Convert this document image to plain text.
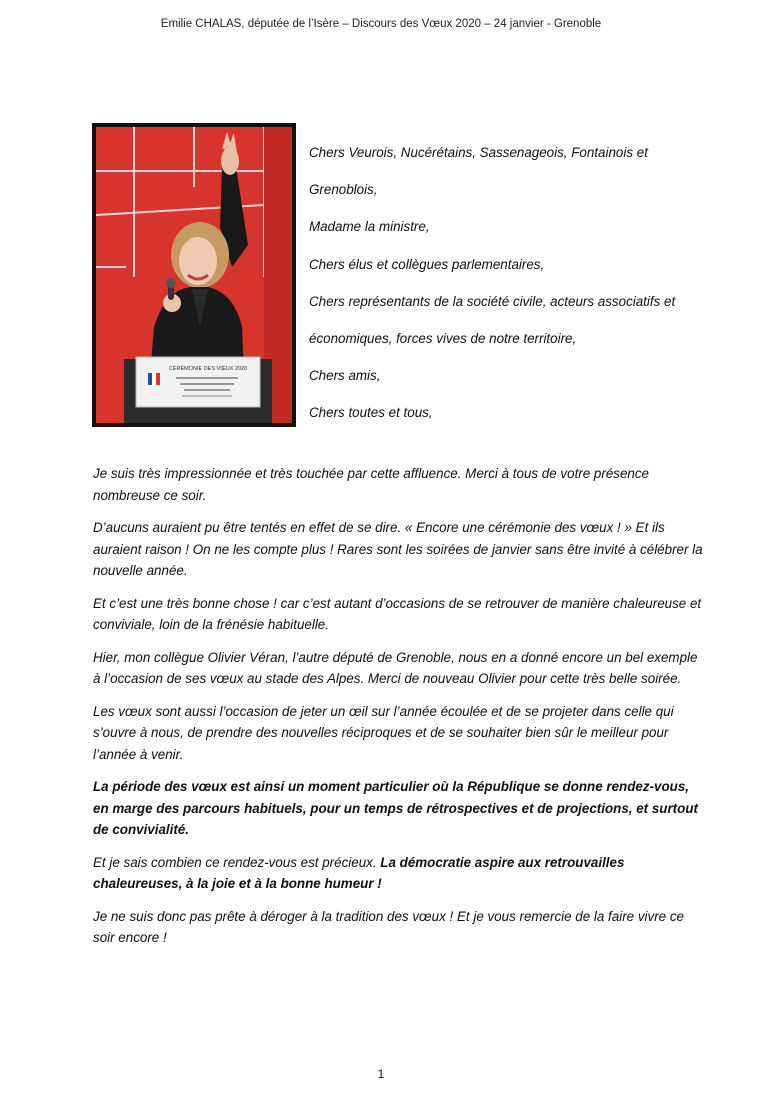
Emilie CHALAS, députée de l’Isère – Discours des Vœux 2020 – 24 janvier - Grenoble
CÉRÉMONIE DES VŒUX 2020
Chers Veurois, Nucérétains, Sassenageois, Fontainois et
Grenoblois,
Madame la ministre,
Chers élus et collègues parlementaires,
Chers représentants de la société civile, acteurs associatifs et
économiques, forces vives de notre territoire,
Chers amis,
Chers toutes et tous,

Je suis très impressionnée et très touchée par cette affluence. Merci à tous de votre présence nombreuse ce soir.

D’aucuns auraient pu être tentés en effet de se dire. « Encore une cérémonie des vœux ! » Et ils auraient raison ! On ne les compte plus ! Rares sont les soirées de janvier sans être invité à célébrer la nouvelle année.

Et c’est une très bonne chose ! car c’est autant d’occasions de se retrouver de manière chaleureuse et conviviale, loin de la frénésie habituelle.

Hier, mon collègue Olivier Véran, l’autre député de Grenoble, nous en a donné encore un bel exemple à l’occasion de ses vœux au stade des Alpes. Merci de nouveau Olivier pour cette très belle soirée.

Les vœux sont aussi l’occasion de jeter un œil sur l’année écoulée et de se projeter dans celle qui s’ouvre à nous, de prendre des nouvelles réciproques et de se souhaiter bien sûr le meilleur pour l’année à venir.

La période des vœux est ainsi un moment particulier où la République se donne rendez-vous, en marge des parcours habituels, pour un temps de rétrospectives et de projections, et surtout de convivialité.

Et je sais combien ce rendez-vous est précieux. La démocratie aspire aux retrouvailles chaleureuses, à la joie et à la bonne humeur !

Je ne suis donc pas prête à déroger à la tradition des vœux ! Et je vous remercie de la faire vivre ce soir encore !

1
